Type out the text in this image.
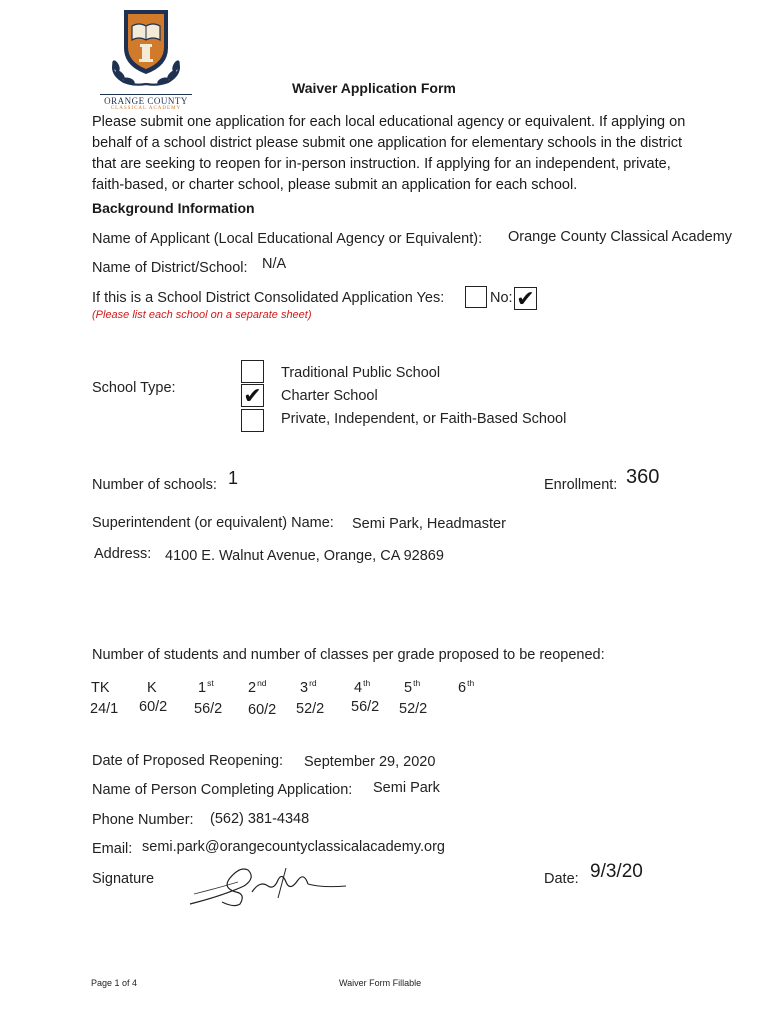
ORANGE COUNTY
CLASSICAL ACADEMY
Waiver Application Form
Please submit one application for each local educational agency or equivalent. If applying on
behalf of a school district please submit one application for elementary schools in the district
that are seeking to reopen for in-person instruction. If applying for an independent, private,
faith-based, or charter school, please submit an application for each school.
Background Information
Name of Applicant (Local Educational Agency or Equivalent): Orange County Classical Academy
Name of District/School: N/A
If this is a School District Consolidated Application Yes:	No: ✔
(Please list each school on a separate sheet)
School Type:
Traditional Public School
✔ Charter School
Private, Independent, or Faith-Based School
Number of schools: 1	Enrollment: 360
Superintendent (or equivalent) Name: Semi Park, Headmaster
Address: 4100 E. Walnut Avenue, Orange, CA 92869
Number of students and number of classes per grade proposed to be reopened:
TK	K	1st 2nd 3rd	4th 5th	6th
24/1 60/2 56/2 60/2 52/2 56/2 52/2
Date of Proposed Reopening: September 29, 2020
Name of Person Completing Application: Semi Park
Phone Number: (562) 381-4348
Email: semi.park@orangecountyclassicalacademy.org
Signature	Date: 9/3/20
Page 1 of 4	Waiver Form Fillable
